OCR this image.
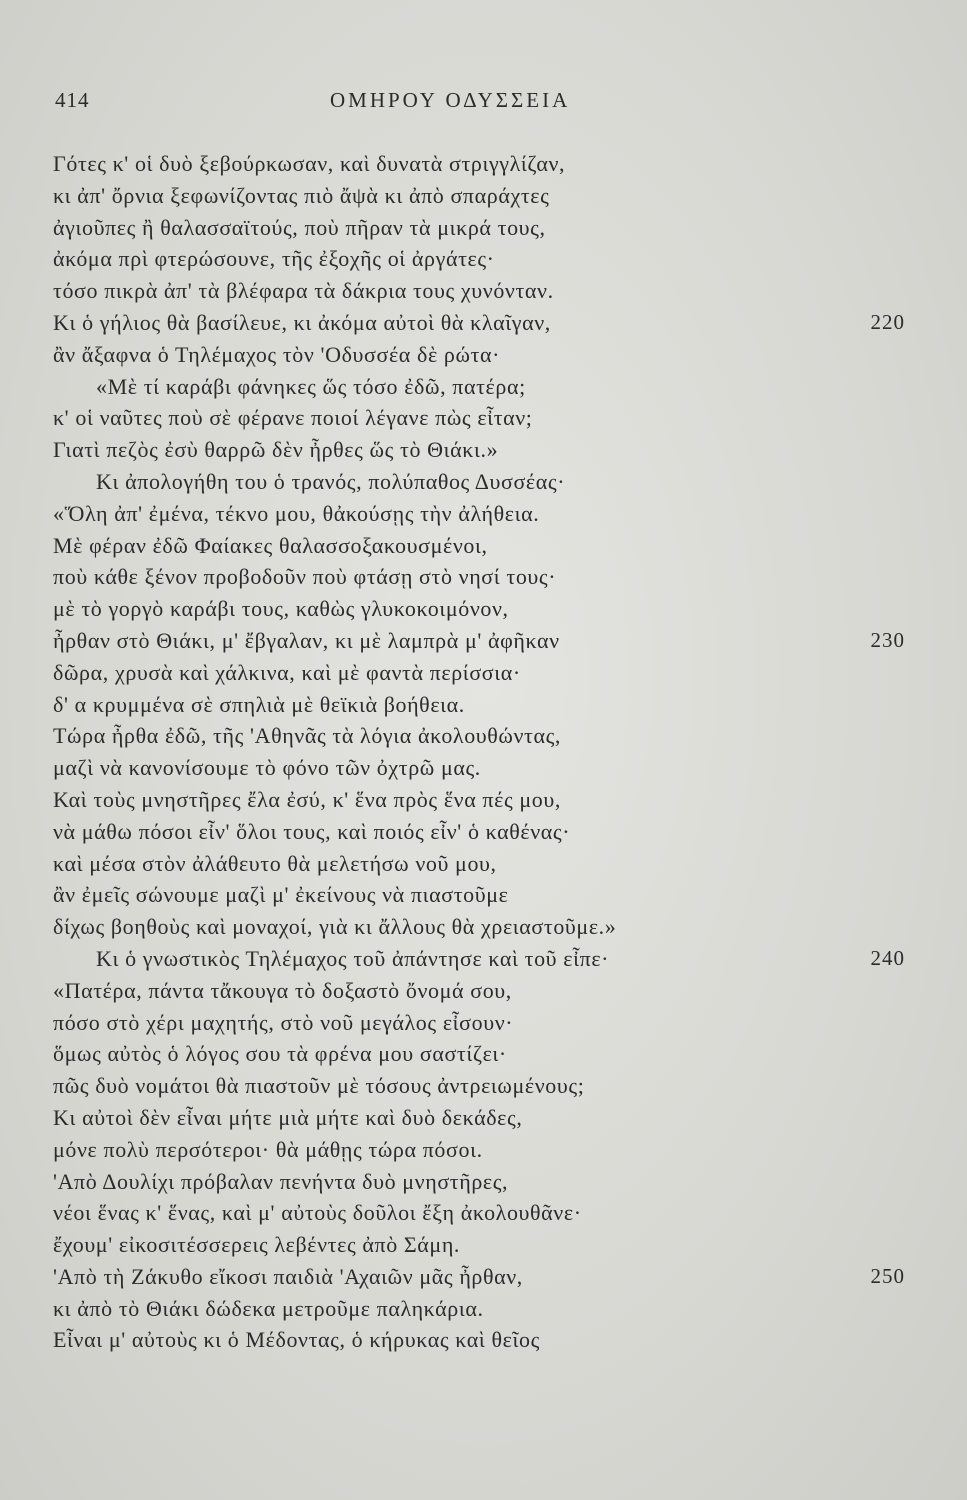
414	ΟΜΗΡΟΥ ΟΔΥΣΣΕΙΑ
Γότες κ' οἱ δυὸ ξεβούρκωσαν, καὶ δυνατὰ στριγγλίζαν,
κι ἀπ' ὄρνια ξεφωνίζοντας πιὸ ἄψὰ κι ἀπὸ σπαράχτες
ἀγιοῦπες ἢ θαλασσαϊτούς, ποὺ πῆραν τὰ μικρά τους,
ἀκόμα πρὶ φτερώσουνε, τῆς ἐξοχῆς οἱ ἀργάτες·
τόσο πικρὰ ἀπ' τὰ βλέφαρα τὰ δάκρια τους χυνόνταν.
Κι ὁ γήλιος θὰ βασίλευε, κι ἀκόμα αὐτοὶ θὰ κλαῖγαν,	220
ἂν ἄξαφνα ὁ Τηλέμαχος τὸν 'Οδυσσέα δὲ ρώτα·
«Μὲ τί καράβι φάνηκες ὥς τόσο ἐδῶ, πατέρα;
κ' οἱ ναῦτες ποὺ σὲ φέρανε ποιοί λέγανε πὼς εἶταν;
Γιατὶ πεζὸς ἐσὺ θαρρῶ δὲν ἦρθες ὥς τὸ Θιάκι.»
Κι ἀπολογήθη του ὁ τρανός, πολύπαθος Δυσσέας·
«Ὅλη ἀπ' ἐμένα, τέκνο μου, θἀκούσῃς τὴν ἀλήθεια.
Μὲ φέραν ἐδῶ Φαίακες θαλασσοξακουσμένοι,
ποὺ κάθε ξένον προβοδοῦν ποὺ φτάσῃ στὸ νησί τους·
μὲ τὸ γοργὸ καράβι τους, καθὼς γλυκοκοιμόνον,
ἦρθαν στὸ Θιάκι, μ' ἔβγαλαν, κι μὲ λαμπρὰ μ' ἀφῆκαν	230
δῶρα, χρυσὰ καὶ χάλκινα, καὶ μὲ φαντὰ περίσσια·
δ' α κρυμμένα σὲ σπηλιὰ μὲ θεϊκιὰ βοήθεια.
Τώρα ἦρθα ἐδῶ, τῆς 'Αθηνᾶς τὰ λόγια ἀκολουθώντας,
μαζὶ νὰ κανονίσουμε τὸ φόνο τῶν ὀχτρῶ μας.
Καὶ τοὺς μνηστῆρες ἔλα ἐσύ, κ' ἕνα πρὸς ἕνα πές μου,
νὰ μάθω πόσοι εἶν' ὅλοι τους, καὶ ποιός εἶν' ὁ καθένας·
καὶ μέσα στὸν ἀλάθευτο θὰ μελετήσω νοῦ μου,
ἂν ἐμεῖς σώνουμε μαζὶ μ' ἐκείνους νὰ πιαστοῦμε
δίχως βοηθοὺς καὶ μοναχοί, γιὰ κι ἄλλους θὰ χρειαστοῦμε.»
Κι ὁ γνωστικὸς Τηλέμαχος τοῦ ἀπάντησε καὶ τοῦ εἶπε·	240
«Πατέρα, πάντα τἄκουγα τὸ δοξαστὸ ὄνομά σου,
πόσο στὸ χέρι μαχητής, στὸ νοῦ μεγάλος εἶσουν·
ὅμως αὐτὸς ὁ λόγος σου τὰ φρένα μου σαστίζει·
πῶς δυὸ νομάτοι θὰ πιαστοῦν μὲ τόσους ἀντρειωμένους;
Κι αὐτοὶ δὲν εἶναι μήτε μιὰ μήτε καὶ δυὸ δεκάδες,
μόνε πολὺ περσότεροι· θὰ μάθῃς τώρα πόσοι.
'Απὸ Δουλίχι πρόβαλαν πενήντα δυὸ μνηστῆρες,
νέοι ἕνας κ' ἕνας, καὶ μ' αὐτοὺς δοῦλοι ἔξη ἀκολουθᾶνε·
ἔχουμ' εἰκοσιτέσσερεις λεβέντες ἀπὸ Σάμη.
'Απὸ τὴ Ζάκυθο εἴκοσι παιδιὰ 'Αχαιῶν μᾶς ἦρθαν,	250
κι ἀπὸ τὸ Θιάκι δώδεκα μετροῦμε παληκάρια.
Εἶναι μ' αὐτοὺς κι ὁ Μέδοντας, ὁ κήρυκας καὶ θεῖος
